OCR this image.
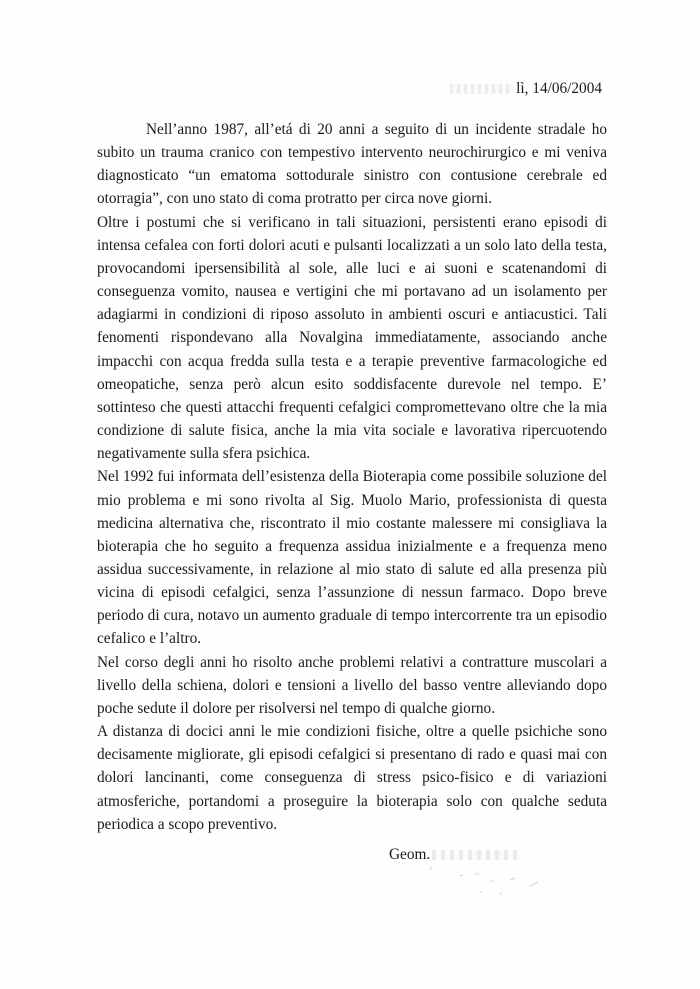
lì, 14/06/2004

Nell’anno 1987, all’etá di 20 anni a seguito di un incidente stradale ho subito un trauma cranico con tempestivo intervento neurochirurgico e mi veniva diagnosticato “un ematoma sottodurale sinistro con contusione cerebrale ed otorragia”, con uno stato di coma protratto per circa nove giorni.

Oltre i postumi che si verificano in tali situazioni, persistenti erano episodi di intensa cefalea con forti dolori acuti e pulsanti localizzati a un solo lato della testa, provocandomi ipersensibilità al sole, alle luci e ai suoni e scatenandomi di conseguenza vomito, nausea e vertigini che mi portavano ad un isolamento per adagiarmi in condizioni di riposo assoluto in ambienti oscuri e antiacustici. Tali fenomenti rispondevano alla Novalgina immediatamente, associando anche impacchi con acqua fredda sulla testa e a terapie preventive farmacologiche ed omeopatiche, senza però alcun esito soddisfacente durevole nel tempo. E’ sottinteso che questi attacchi frequenti cefalgici compromettevano oltre che la mia condizione di salute fisica, anche la mia vita sociale e lavorativa ripercuotendo negativamente sulla sfera psichica.

Nel 1992 fui informata dell’esistenza della Bioterapia come possibile soluzione del mio problema e mi sono rivolta al Sig. Muolo Mario, professionista di questa medicina alternativa che, riscontrato il mio costante malessere mi consigliava la bioterapia che ho seguito a frequenza assidua inizialmente e a frequenza meno assidua successivamente, in relazione al mio stato di salute ed alla presenza più vicina di episodi cefalgici, senza l’assunzione di nessun farmaco. Dopo breve periodo di cura, notavo un aumento graduale di tempo intercorrente tra un episodio cefalico e l’altro.

Nel corso degli anni ho risolto anche problemi relativi a contratture muscolari a livello della schiena, dolori e tensioni a livello del basso ventre alleviando dopo poche sedute il dolore per risolversi nel tempo di qualche giorno.

A distanza di docici anni le mie condizioni fisiche, oltre a quelle psichiche sono decisamente migliorate, gli episodi cefalgici si presentano di rado e quasi mai con dolori lancinanti, come conseguenza di stress psico-fisico e di variazioni atmosferiche, portandomi a proseguire la bioterapia solo con qualche seduta periodica a scopo preventivo.

Geom.
